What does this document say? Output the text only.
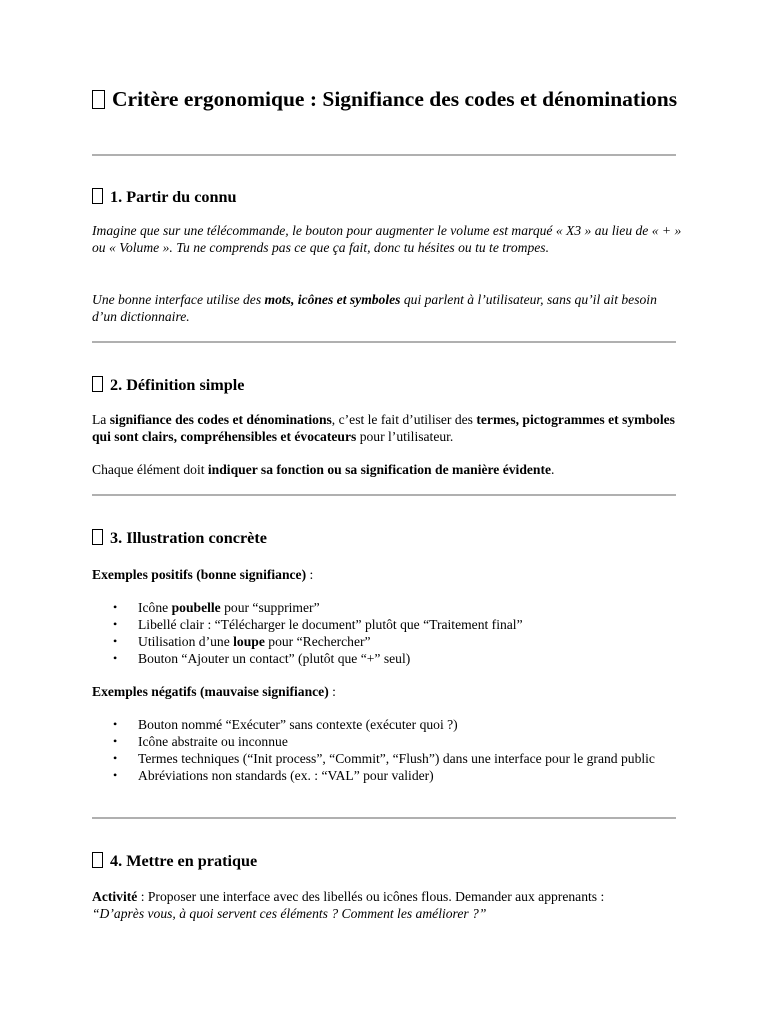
Critère ergonomique : Signifiance des codes et dénominations
1. Partir du connu

Imagine que sur une télécommande, le bouton pour augmenter le volume est marqué « X3 » au lieu de « + » ou « Volume ». Tu ne comprends pas ce que ça fait, donc tu hésites ou tu te trompes.

Une bonne interface utilise des mots, icônes et symboles qui parlent à l’utilisateur, sans qu’il ait besoin d’un dictionnaire.

2. Définition simple

La signifiance des codes et dénominations, c’est le fait d’utiliser des termes, pictogrammes et symboles qui sont clairs, compréhensibles et évocateurs pour l’utilisateur.

Chaque élément doit indiquer sa fonction ou sa signification de manière évidente.

3. Illustration concrète

Exemples positifs (bonne signifiance) :

• Icône poubelle pour “supprimer”
• Libellé clair : “Télécharger le document” plutôt que “Traitement final”
• Utilisation d’une loupe pour “Rechercher”
• Bouton “Ajouter un contact” (plutôt que “+” seul)

Exemples négatifs (mauvaise signifiance) :

• Bouton nommé “Exécuter” sans contexte (exécuter quoi ?)
• Icône abstraite ou inconnue
• Termes techniques (“Init process”, “Commit”, “Flush”) dans une interface pour le grand public
• Abréviations non standards (ex. : “VAL” pour valider)
4. Mettre en pratique

Activité : Proposer une interface avec des libellés ou icônes flous. Demander aux apprenants :
“D’après vous, à quoi servent ces éléments ? Comment les améliorer ?”
